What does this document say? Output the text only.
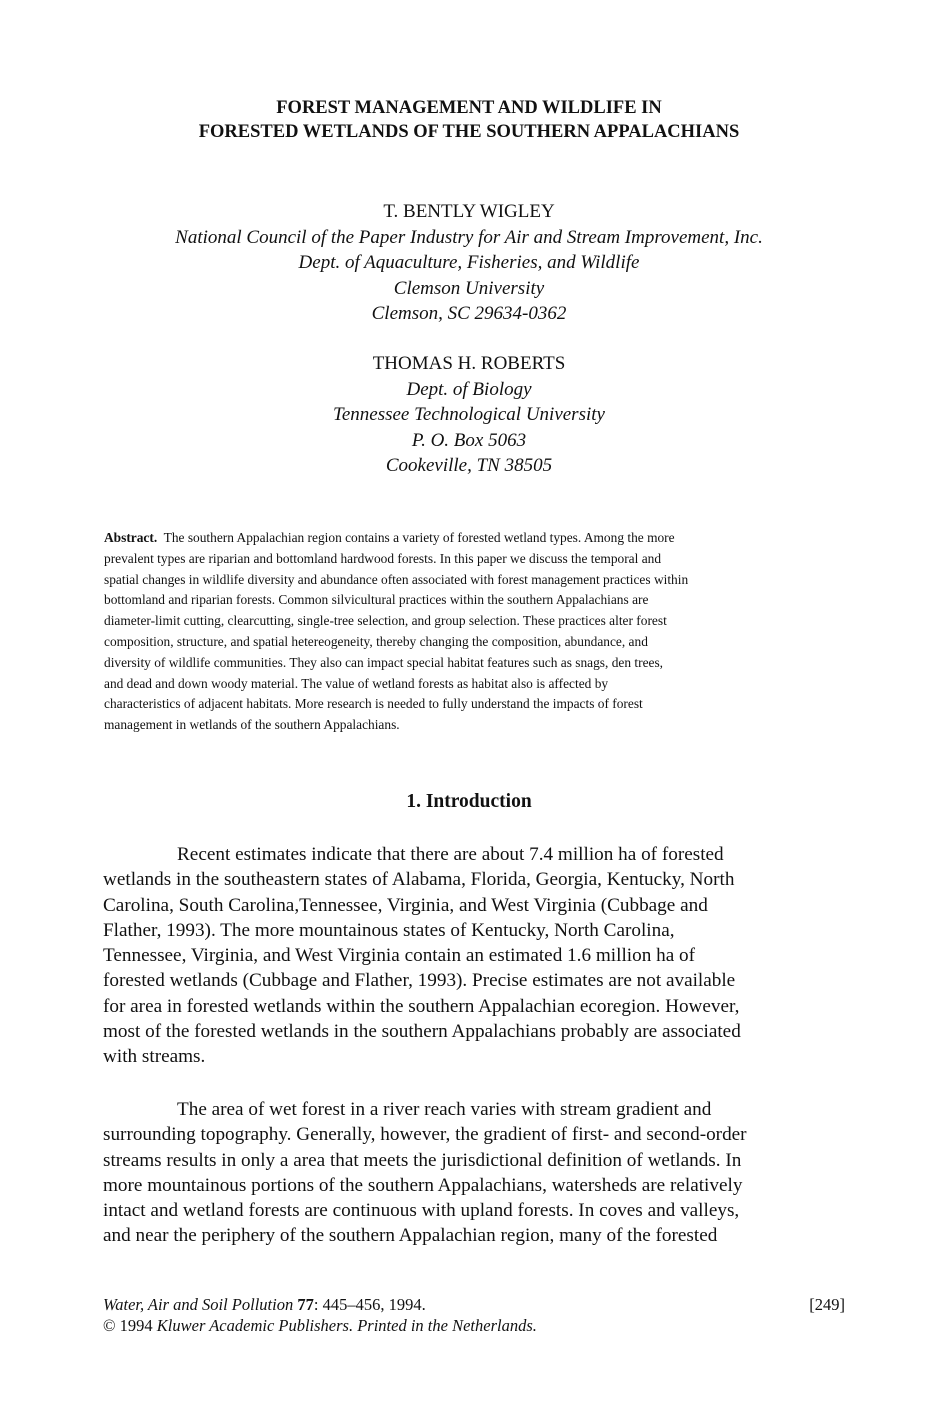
FOREST MANAGEMENT AND WILDLIFE IN
FORESTED WETLANDS OF THE SOUTHERN APPALACHIANS
T. BENTLY WIGLEY
National Council of the Paper Industry for Air and Stream Improvement, Inc.
Dept. of Aquaculture, Fisheries, and Wildlife
Clemson University
Clemson, SC 29634-0362
THOMAS H. ROBERTS
Dept. of Biology
Tennessee Technological University
P. O. Box 5063
Cookeville, TN 38505
Abstract. The southern Appalachian region contains a variety of forested wetland types. Among the more
prevalent types are riparian and bottomland hardwood forests. In this paper we discuss the temporal and
spatial changes in wildlife diversity and abundance often associated with forest management practices within
bottomland and riparian forests. Common silvicultural practices within the southern Appalachians are
diameter-limit cutting, clearcutting, single-tree selection, and group selection. These practices alter forest
composition, structure, and spatial hetereogeneity, thereby changing the composition, abundance, and
diversity of wildlife communities. They also can impact special habitat features such as snags, den trees,
and dead and down woody material. The value of wetland forests as habitat also is affected by
characteristics of adjacent habitats. More research is needed to fully understand the impacts of forest
management in wetlands of the southern Appalachians.
1. Introduction
Recent estimates indicate that there are about 7.4 million ha of forested
wetlands in the southeastern states of Alabama, Florida, Georgia, Kentucky, North
Carolina, South Carolina,Tennessee, Virginia, and West Virginia (Cubbage and
Flather, 1993). The more mountainous states of Kentucky, North Carolina,
Tennessee, Virginia, and West Virginia contain an estimated 1.6 million ha of
forested wetlands (Cubbage and Flather, 1993). Precise estimates are not available
for area in forested wetlands within the southern Appalachian ecoregion. However,
most of the forested wetlands in the southern Appalachians probably are associated
with streams.
The area of wet forest in a river reach varies with stream gradient and
surrounding topography. Generally, however, the gradient of first- and second-order
streams results in only a area that meets the jurisdictional definition of wetlands. In
more mountainous portions of the southern Appalachians, watersheds are relatively
intact and wetland forests are continuous with upland forests. In coves and valleys,
and near the periphery of the southern Appalachian region, many of the forested
Water, Air and Soil Pollution 77: 445–456, 1994.
© 1994 Kluwer Academic Publishers. Printed in the Netherlands.
[249]
